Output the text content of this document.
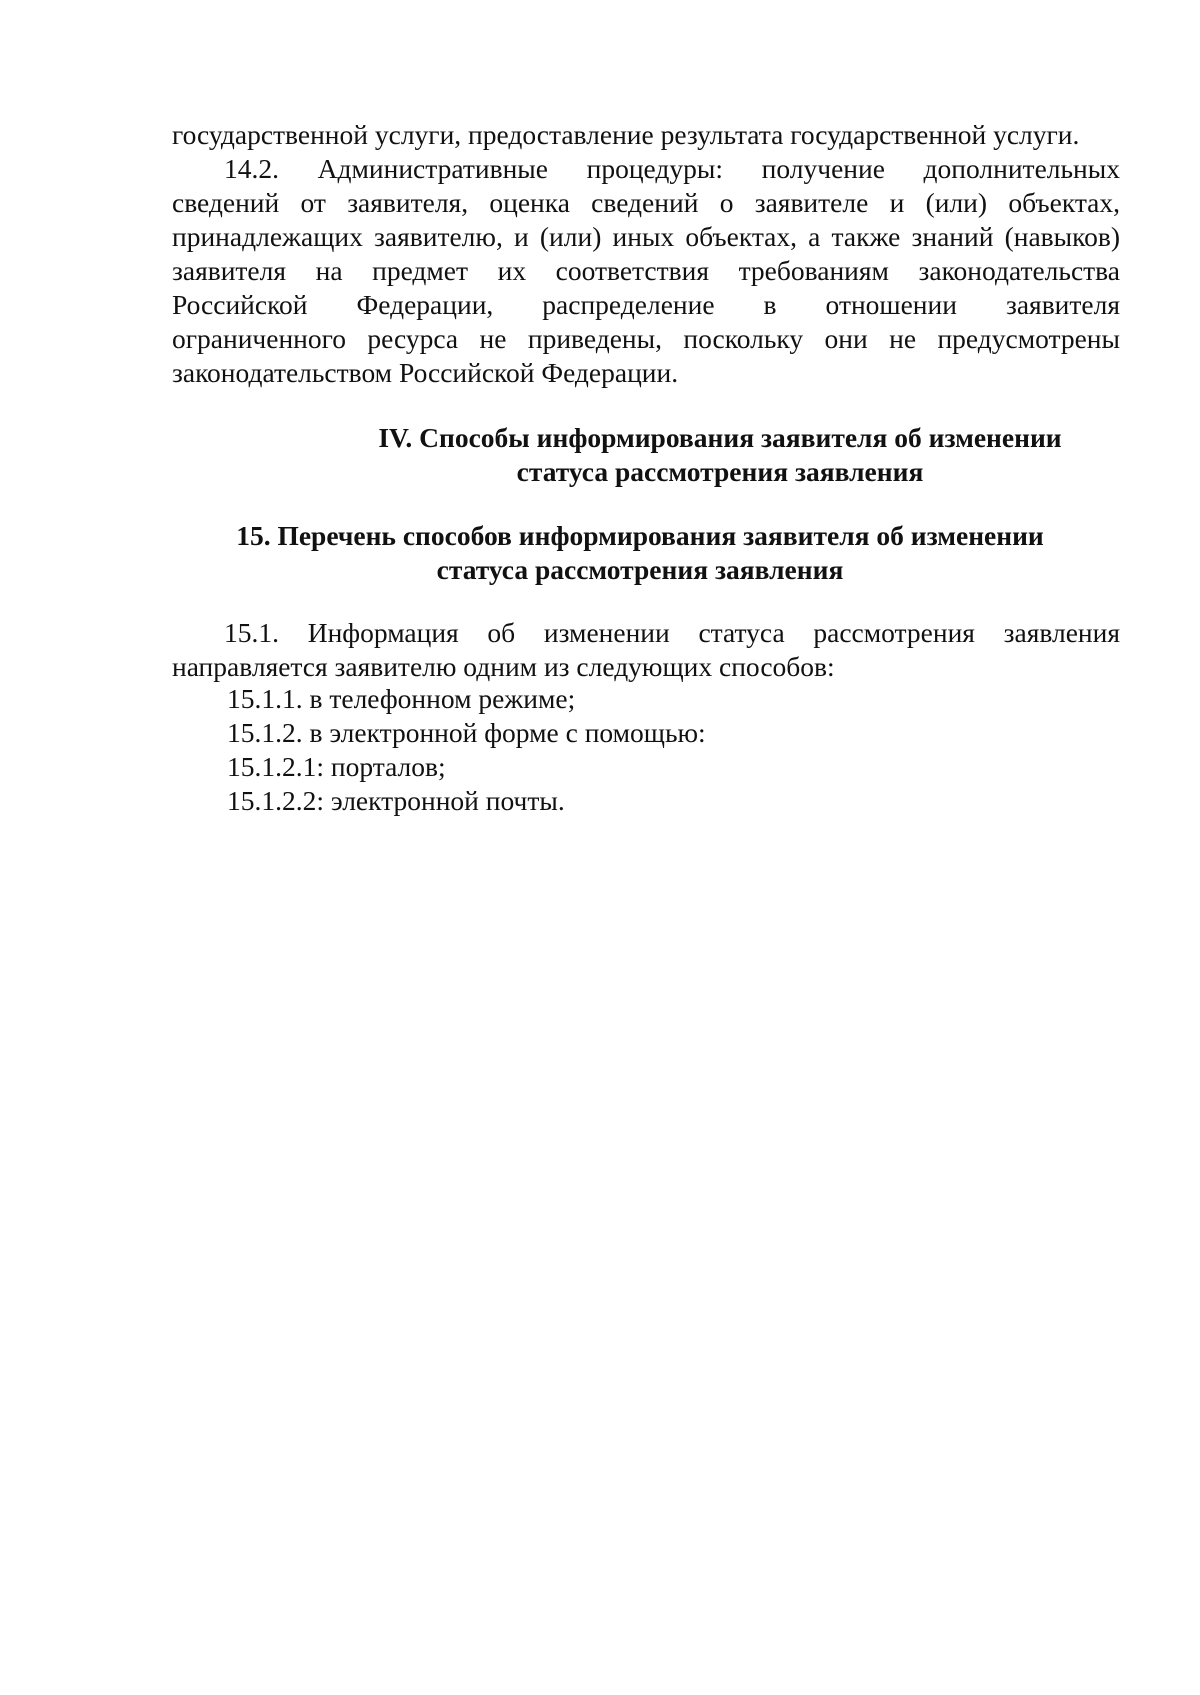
государственной услуги, предоставление результата государственной услуги.
14.2. Административные процедуры: получение дополнительных
сведений от заявителя, оценка сведений о заявителе и (или) объектах,
принадлежащих заявителю, и (или) иных объектах, а также знаний (навыков)
заявителя на предмет их соответствия требованиям законодательства
Российской Федерации, распределение в отношении заявителя
ограниченного ресурса не приведены, поскольку они не предусмотрены
законодательством Российской Федерации.
IV. Способы информирования заявителя об изменении
статуса рассмотрения заявления
15. Перечень способов информирования заявителя об изменении
статуса рассмотрения заявления
15.1. Информация об изменении статуса рассмотрения заявления
направляется заявителю одним из следующих способов:
15.1.1. в телефонном режиме;
15.1.2. в электронной форме с помощью:
15.1.2.1: порталов;
15.1.2.2: электронной почты.
